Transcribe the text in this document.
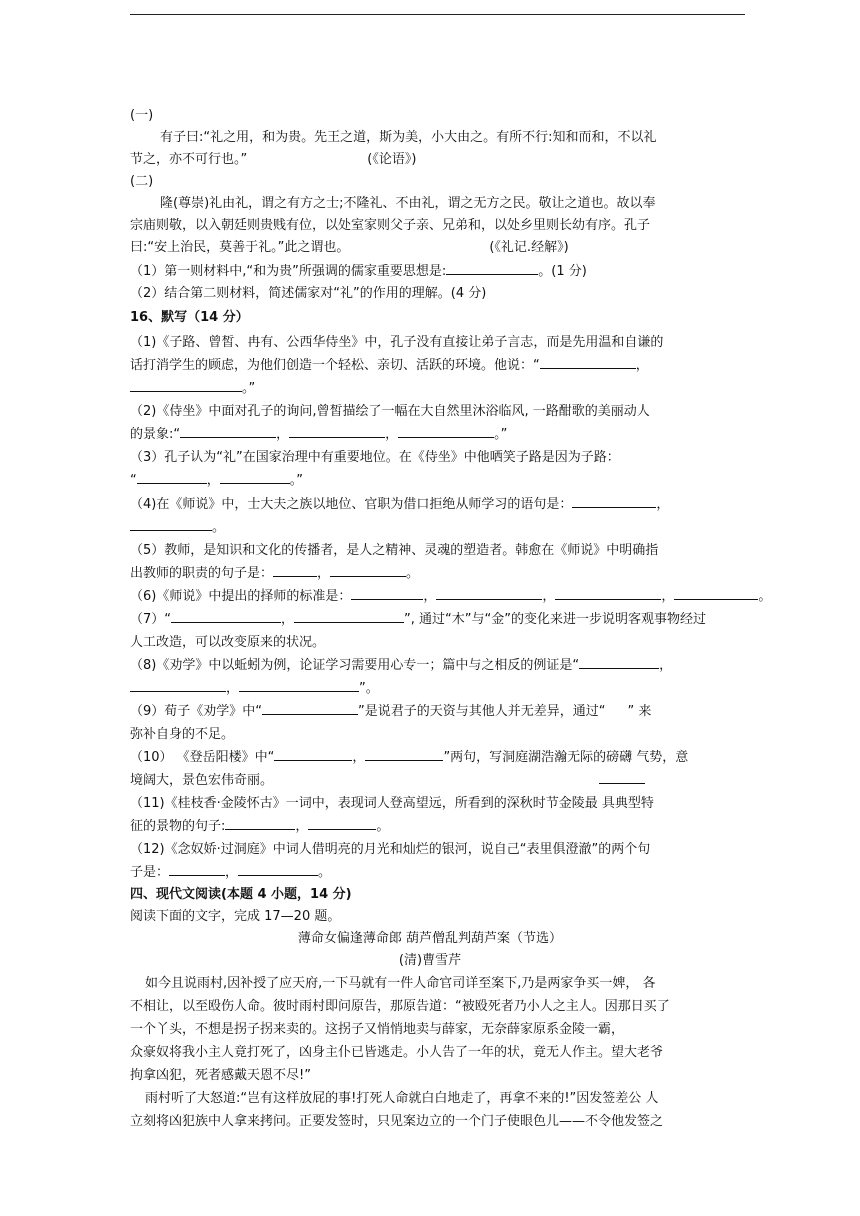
(一)
有子曰:“礼之用，和为贵。先王之道，斯为美，小大由之。有所不行:知和而和，不以礼
节之，亦不可行也。”	(《论语》)
(二)
隆(尊崇)礼由礼，谓之有方之士;不隆礼、不由礼，谓之无方之民。敬让之道也。故以奉
宗庙则敬，以入朝廷则贵贱有位，以处室家则父子亲、兄弟和，以处乡里则长幼有序。孔子
曰:“安上治民，莫善于礼。”此之谓也。	(《礼记.经解》)
（1）第一则材料中,“和为贵”所强调的儒家重要思想是:	。(1 分)
（2）结合第二则材料，简述儒家对“礼”的作用的理解。(4 分)
16、默写（14 分）
（1)《子路、曾皙、冉有、公西华侍坐》中，孔子没有直接让弟子言志，而是先用温和自谦的
话打消学生的顾虑，为他们创造一个轻松、亲切、活跃的环境。他说：“	，
。”
（2)《侍坐》中面对孔子的询问,曾皙描绘了一幅在大自然里沐浴临风, 一路酣歌的美丽动人
的景象:“	，	，	。”
（3）孔子认为“礼”在国家治理中有重要地位。在《侍坐》中他哂笑子路是因为子路：
“	，	。”
（4)在《师说》中，士大夫之族以地位、官职为借口拒绝从师学习的语句是：	，
。
（5）教师，是知识和文化的传播者，是人之精神、灵魂的塑造者。韩愈在《师说》中明确指
出教师的职责的句子是：	，	。
（6)《师说》中提出的择师的标准是：	，	，	，	。
（7）“	，	”, 通过“木”与“金”的变化来进一步说明客观事物经过
人工改造，可以改变原来的状况。
（8)《劝学》中以蚯蚓为例，论证学习需要用心专一；篇中与之相反的例证是“	，
，	”。
（9）荀子《劝学》中“	”是说君子的天资与其他人并无差异，通过“ ” 来
弥补自身的不足。
（10） 《登岳阳楼》中“	，	”两句，写洞庭湖浩瀚无际的磅礴 气势，意
境阔大，景色宏伟奇丽。
（11)《桂枝香·金陵怀古》一词中，表现词人登高望远，所看到的深秋时节金陵最 具典型特
征的景物的句子:	，	。
（12)《念奴娇·过洞庭》中词人借明亮的月光和灿烂的银河，说自己“表里俱澄澈”的两个句
子是：	，	。
四、现代文阅读(本题 4 小题，14 分)
阅读下面的文字，完成 17—20 题。
薄命女偏逢薄命郎 葫芦僧乱判葫芦案（节选）
(清)曹雪芹
如今且说雨村,因补授了应天府,一下马就有一件人命官司详至案下,乃是两家争买一婢， 各
不相让，以至殴伤人命。彼时雨村即问原告，那原告道：“被殴死者乃小人之主人。因那日买了
一个丫头，不想是拐子拐来卖的。这拐子又悄悄地卖与薛家，无奈薛家原系金陵一霸，
众豪奴将我小主人竟打死了，凶身主仆已皆逃走。小人告了一年的状，竟无人作主。望大老爷
拘拿凶犯，死者感戴天恩不尽!”
雨村听了大怒道:“岂有这样放屁的事!打死人命就白白地走了，再拿不来的!”因发签差公 人
立刻将凶犯族中人拿来拷问。正要发签时，只见案边立的一个门子使眼色儿——不令他发签之
